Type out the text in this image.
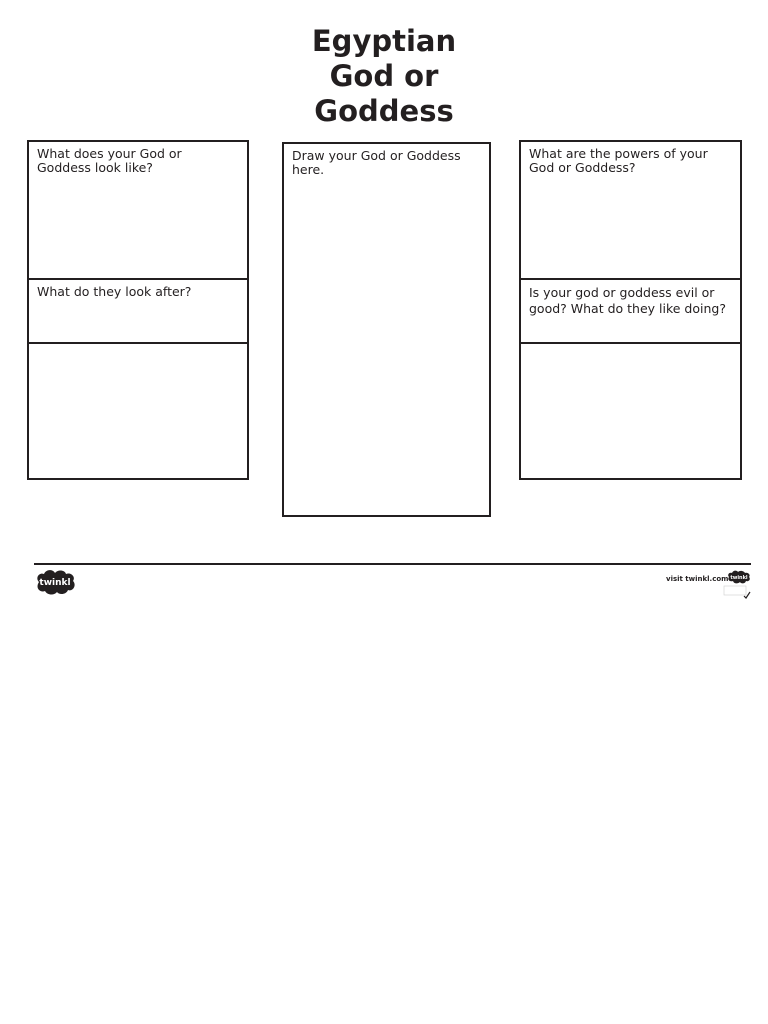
Egyptian
God or
Goddess
What does your God or Goddess look like?
What do they look after?
Draw your God or Goddess here.
What are the powers of your God or Goddess?
Is your god or goddess evil or good? What do they like doing?
twinkl	visit twinkl.com twinkl
